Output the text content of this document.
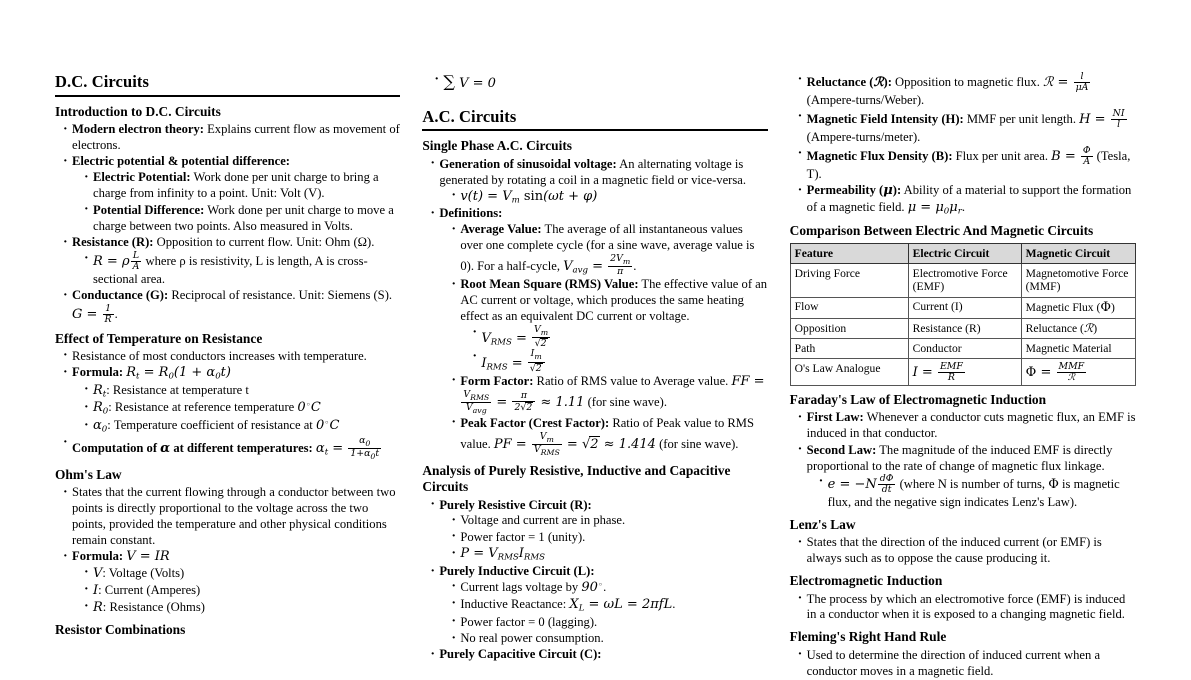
D.C. Circuits
Introduction to D.C. Circuits
· Modern electron theory: Explains current flow as movement of electrons.
· Electric potential & potential difference:
· Electric Potential: Work done per unit charge to bring a charge from infinity to a point. Unit: Volt (V).
· Potential Difference: Work done per unit charge to move a charge between two points. Also measured in Volts.
· Resistance (R): Opposition to current flow. Unit: Ohm (Ω).
· R = ρ $\frac{L}{A}$ where ρ is resistivity, L is length, A is cross-sectional area.
· Conductance (G): Reciprocal of resistance. Unit: Siemens (S). $G = \frac{1}{R}$ .
Effect of Temperature on Resistance
· Resistance of most conductors increases with temperature.
· Formula: $R_t = R_0(1 + \alpha_0t)$
· $R_t$: Resistance at temperature t
· $R_0$: Resistance at reference temperature 0◦C
· $\alpha_0$: Temperature coefficient of resistance at 0◦C
· Computation of α at different temperatures: $\alpha_t = \frac{\alpha_0}{1+\alpha_0t}$
Ohm's Law
· States that the current flowing through a conductor between two points is directly proportional to the voltage across the two points, provided the temperature and other physical conditions remain constant.
· Formula: V = IR
· V: Voltage (Volts)
· I: Current (Amperes)
· R: Resistance (Ohms)
Resistor Combinations
· ∑ V = 0
A.C. Circuits
Single Phase A.C. Circuits
· Generation of sinusoidal voltage: An alternating voltage is generated by rotating a coil in a magnetic field or vice-versa.
· $v(t) = V_m$ sin(ωt + φ)
· Definitions:
· Average Value: The average of all instantaneous values over one complete cycle (for a sine wave, average value is 0). For a half-cycle, $V_{avg} = \frac{2V_m}{\pi}$ .
· Root Mean Square (RMS) Value: The effective value of an AC current or voltage, which produces the same heating effect as an equivalent DC current or voltage.
· $V_{RMS} = \frac{V_m}{√2}$
· $I_{RMS} = \frac{I_m}{√2}$
· Form Factor: Ratio of RMS value to Average value. FF =
$\frac{V_{RMS}}{V_{avg}} = \frac{\pi}{2√2} \approx 1.11$ (for sine wave).
· Peak Factor (Crest Factor): Ratio of Peak value to RMS value. PF = $\frac{V_m}{V_{RMS}} = √2 \approx 1.414$ (for sine wave).
Analysis of Purely Resistive, Inductive and Capacitive Circuits
· Purely Resistive Circuit (R):
· Voltage and current are in phase.
· Power factor = 1 (unity).
· $P = V_{RMS}I_{RMS}$
· Purely Inductive Circuit (L):
· Current lags voltage by 90◦.
· Inductive Reactance: $X_L = \omega L = 2\pi fL$.
· Power factor = 0 (lagging).
· No real power consumption.
· Purely Capacitive Circuit (C):
· Reluctance (ℛ): Opposition to magnetic flux. ℛ = $\frac{l}{\mu A}$
(Ampere-turns/Weber).
· Magnetic Field Intensity (H): MMF per unit length. $H = \frac{NI}{l}$
(Ampere-turns/meter).
· Magnetic Flux Density (B): Flux per unit area. $B = \frac{\Phi}{A}$ (Tesla, T).
· Permeability (μ): Ability of a material to support the formation of a magnetic field. $\mu = \mu_0\mu_r$.
Comparison Between Electric And Magnetic Circuits
Feature	Electric Circuit	Magnetic Circuit
Driving Force	Electromotive Force (EMF)	Magnetomotive Force (MMF)
Flow	Current (I)	Magnetic Flux (Φ)
Opposition	Resistance (R)	Reluctance (ℛ)
Path	Conductor	Magnetic Material
O's Law Analogue	$I = \frac{\text{EMF}}{R}$	$\Phi = \frac{\text{MMF}}{\text{ℛ}}$
Faraday's Law of Electromagnetic Induction
· First Law: Whenever a conductor cuts magnetic flux, an EMF is induced in that conductor.
· Second Law: The magnitude of the induced EMF is directly proportional to the rate of change of magnetic flux linkage.
· $e = -N \frac{d\Phi}{dt}$ (where N is number of turns, Φ is magnetic flux, and the negative sign indicates Lenz's Law).
Lenz's Law
· States that the direction of the induced current (or EMF) is always such as to oppose the cause producing it.
Electromagnetic Induction
· The process by which an electromotive force (EMF) is induced in a conductor when it is exposed to a changing magnetic field.
Fleming's Right Hand Rule
· Used to determine the direction of induced current when a conductor moves in a magnetic field.
